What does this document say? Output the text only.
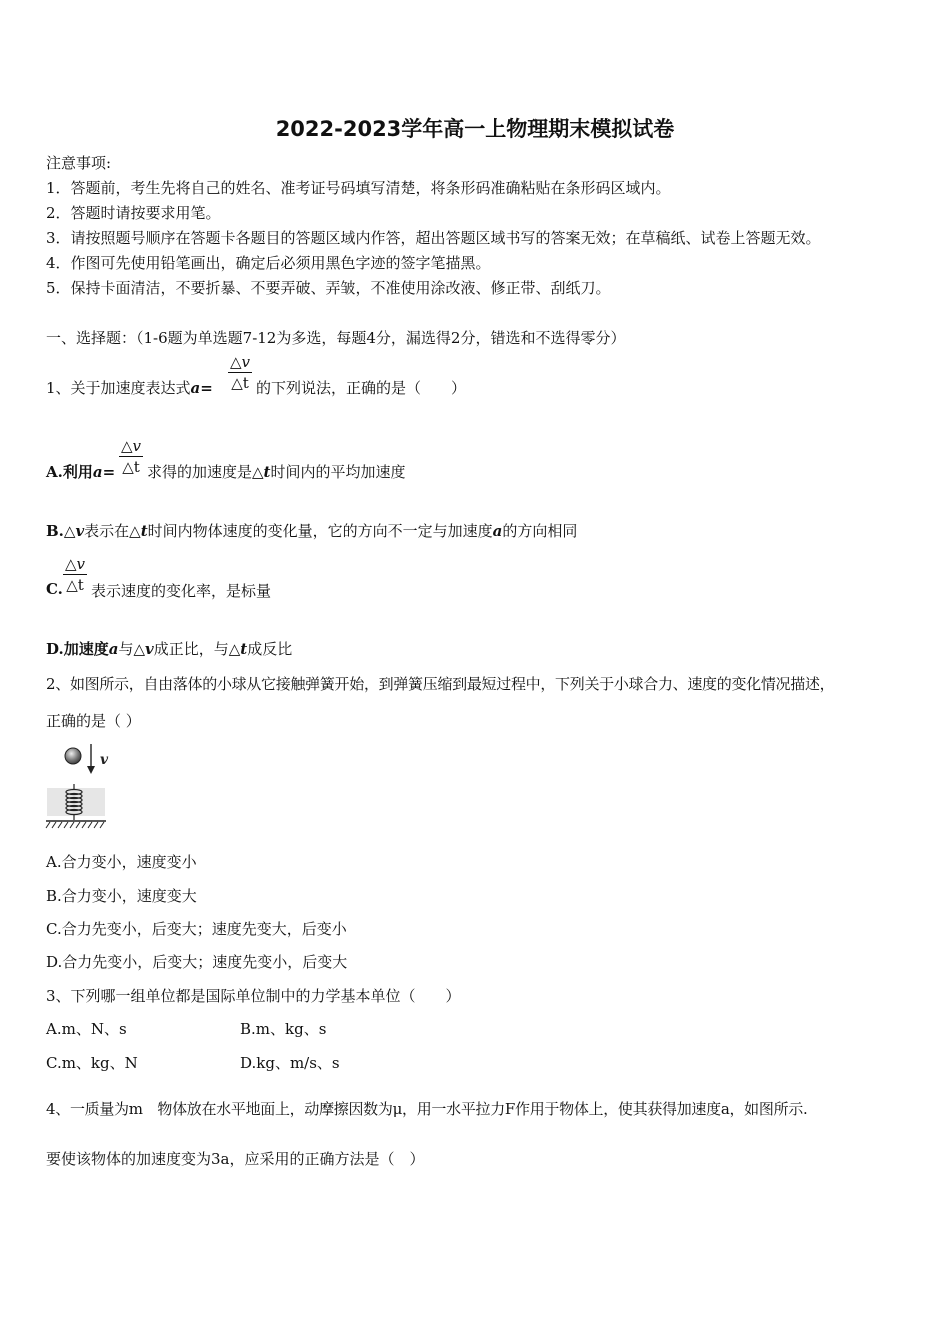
2022-2023学年高一上物理期末模拟试卷
注意事项:
1．答题前，考生先将自己的姓名、准考证号码填写清楚，将条形码准确粘贴在条形码区域内。
2．答题时请按要求用笔。
3．请按照题号顺序在答题卡各题目的答题区域内作答，超出答题区域书写的答案无效；在草稿纸、试卷上答题无效。
4．作图可先使用铅笔画出，确定后必须用黑色字迹的签字笔描黑。
5．保持卡面清洁，不要折暴、不要弄破、弄皱，不准使用涂改液、修正带、刮纸刀。
一、选择题：（1-6题为单选题7-12为多选，每题4分，漏选得2分，错选和不选得零分）
1、关于加速度表达式a=
△v
△t 的下列说法，正确的是（　　）
A.利用a=
△v
△t 求得的加速度是△t时间内的平均加速度
B.△v表示在△t时间内物体速度的变化量，它的方向不一定与加速度a的方向相同
C.
△v
△t 表示速度的变化率，是标量
D.加速度a与△v成正比，与△t成反比
2、如图所示，自由落体的小球从它接触弹簧开始，到弹簧压缩到最短过程中，下列关于小球合力、速度的变化情况描述，
正确的是（ ）
v
A.合力变小，速度变小
B.合力变小，速度变大
C.合力先变小，后变大；速度先变大，后变小
D.合力先变小，后变大；速度先变小，后变大
3、下列哪一组单位都是国际单位制中的力学基本单位（　　）
A.m、N、s	B.m、kg、s
C.m、kg、N	D.kg、m/s、s
4、一质量为m　物体放在水平地面上，动摩擦因数为μ，用一水平拉力F作用于物体上，使其获得加速度a，如图所示.
要使该物体的加速度变为3a，应采用的正确方法是（　）
